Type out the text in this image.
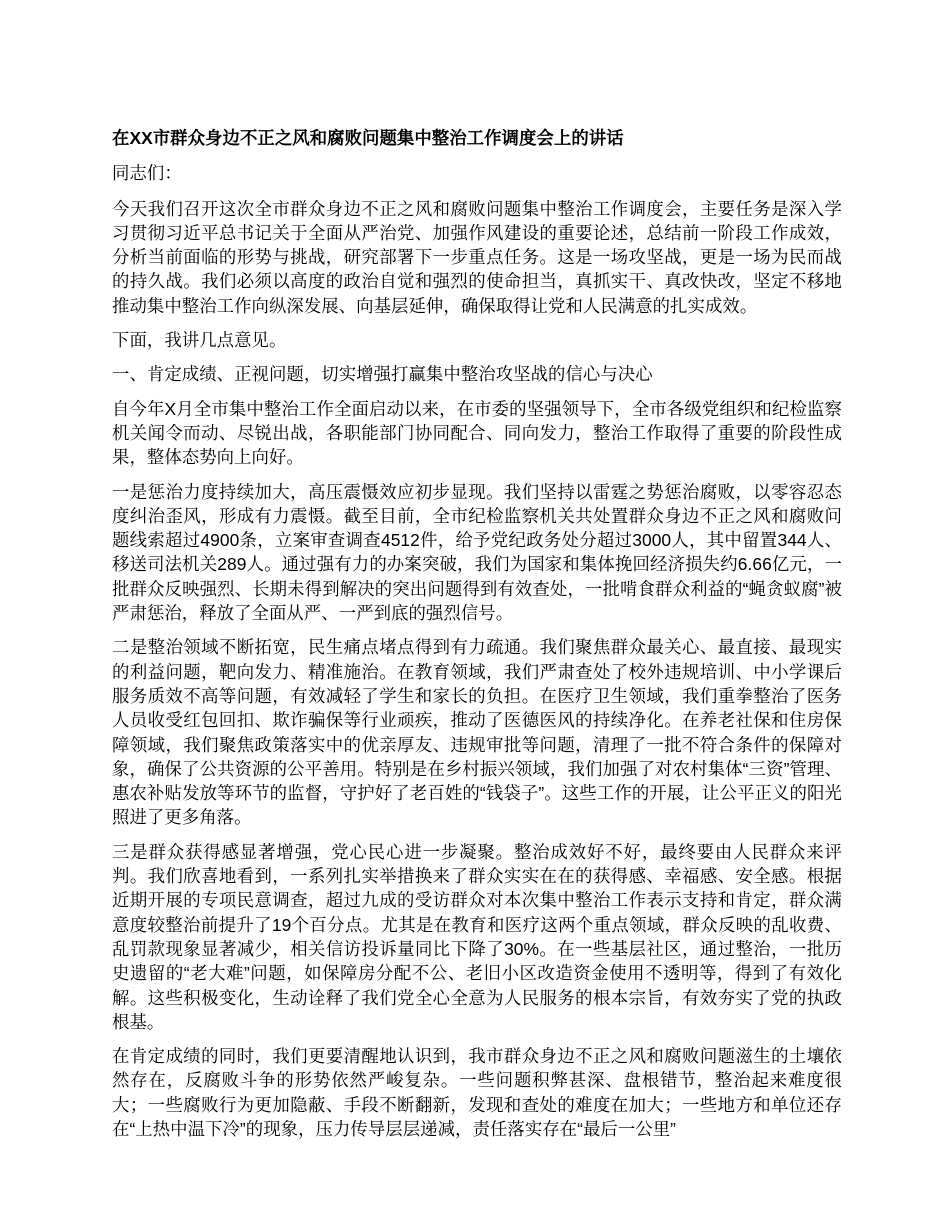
在XX市群众身边不正之风和腐败问题集中整治工作调度会上的讲话

同志们：

今天我们召开这次全市群众身边不正之风和腐败问题集中整治工作调度会，主要任务是深入学习贯彻习近平总书记关于全面从严治党、加强作风建设的重要论述，总结前一阶段工作成效，分析当前面临的形势与挑战，研究部署下一步重点任务。这是一场攻坚战，更是一场为民而战的持久战。我们必须以高度的政治自觉和强烈的使命担当，真抓实干、真改快改，坚定不移地推动集中整治工作向纵深发展、向基层延伸，确保取得让党和人民满意的扎实成效。

下面，我讲几点意见。

一、肯定成绩、正视问题，切实增强打赢集中整治攻坚战的信心与决心

自今年X月全市集中整治工作全面启动以来，在市委的坚强领导下，全市各级党组织和纪检监察机关闻令而动、尽锐出战，各职能部门协同配合、同向发力，整治工作取得了重要的阶段性成果，整体态势向上向好。

一是惩治力度持续加大，高压震慑效应初步显现。我们坚持以雷霆之势惩治腐败，以零容忍态度纠治歪风，形成有力震慑。截至目前，全市纪检监察机关共处置群众身边不正之风和腐败问题线索超过4900条，立案审查调查4512件，给予党纪政务处分超过3000人，其中留置344人、移送司法机关289人。通过强有力的办案突破，我们为国家和集体挽回经济损失约6.66亿元，一批群众反映强烈、长期未得到解决的突出问题得到有效查处，一批啃食群众利益的“蝇贪蚁腐”被严肃惩治，释放了全面从严、一严到底的强烈信号。

二是整治领域不断拓宽，民生痛点堵点得到有力疏通。我们聚焦群众最关心、最直接、最现实的利益问题，靶向发力、精准施治。在教育领域，我们严肃查处了校外违规培训、中小学课后服务质效不高等问题，有效减轻了学生和家长的负担。在医疗卫生领域，我们重拳整治了医务人员收受红包回扣、欺诈骗保等行业顽疾，推动了医德医风的持续净化。在养老社保和住房保障领域，我们聚焦政策落实中的优亲厚友、违规审批等问题，清理了一批不符合条件的保障对象，确保了公共资源的公平善用。特别是在乡村振兴领域，我们加强了对农村集体“三资”管理、惠农补贴发放等环节的监督，守护好了老百姓的“钱袋子”。这些工作的开展，让公平正义的阳光照进了更多角落。

三是群众获得感显著增强，党心民心进一步凝聚。整治成效好不好，最终要由人民群众来评判。我们欣喜地看到，一系列扎实举措换来了群众实实在在的获得感、幸福感、安全感。根据近期开展的专项民意调查，超过九成的受访群众对本次集中整治工作表示支持和肯定，群众满意度较整治前提升了19个百分点。尤其是在教育和医疗这两个重点领域，群众反映的乱收费、乱罚款现象显著减少，相关信访投诉量同比下降了30%。在一些基层社区，通过整治，一批历史遗留的“老大难”问题，如保障房分配不公、老旧小区改造资金使用不透明等，得到了有效化解。这些积极变化，生动诠释了我们党全心全意为人民服务的根本宗旨，有效夯实了党的执政根基。

在肯定成绩的同时，我们更要清醒地认识到，我市群众身边不正之风和腐败问题滋生的土壤依然存在，反腐败斗争的形势依然严峻复杂。一些问题积弊甚深、盘根错节，整治起来难度很大；一些腐败行为更加隐蔽、手段不断翻新，发现和查处的难度在加大；一些地方和单位还存在“上热中温下冷”的现象，压力传导层层递减，责任落实存在“最后一公里”
